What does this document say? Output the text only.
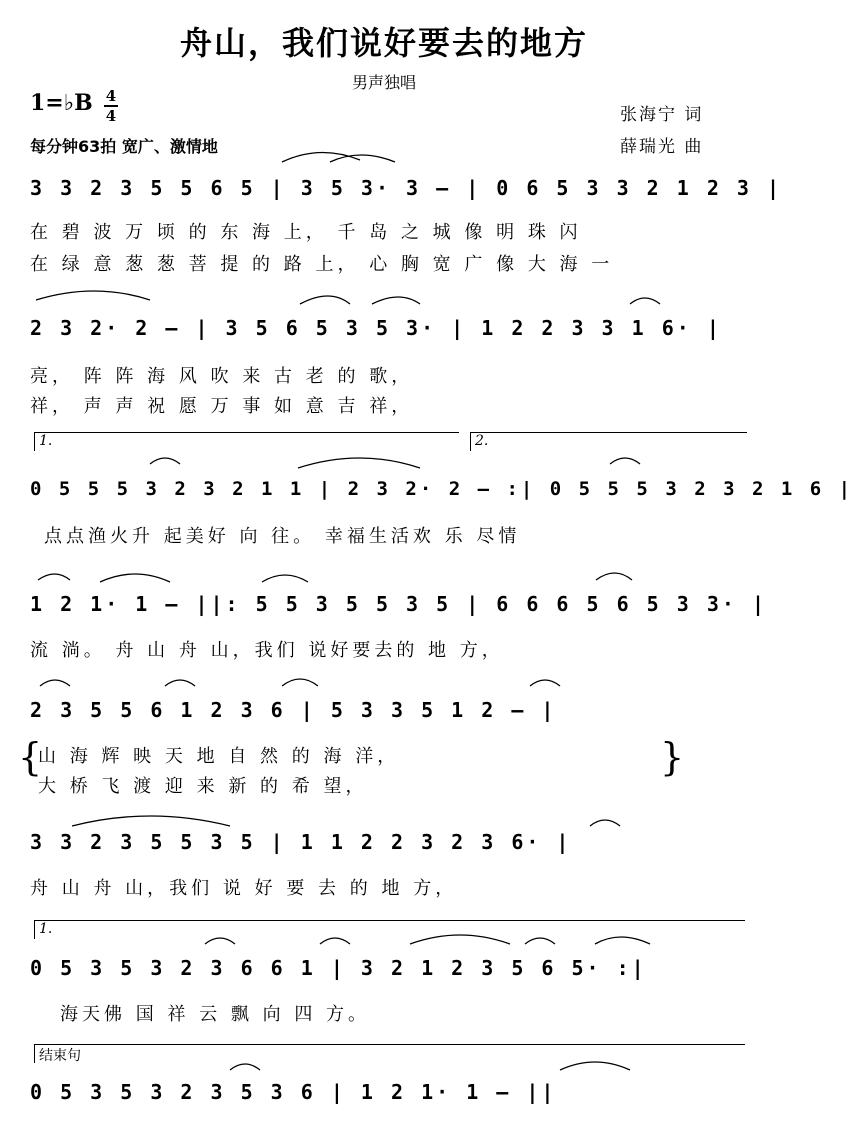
舟山，我们说好要去的地方
男声独唱
1=♭B 4
4
每分钟63拍 宽广、激情地
张海宁 词
薛瑞光 曲
3 3 2 3 5 5 6 5 | 3 5 3· 3 – | 0 6 5 3 3 2 1 2 3 |
在 碧 波 万 顷 的 东 海 上， 千 岛 之 城 像 明 珠 闪
在 绿 意 葱 葱 菩 提 的 路 上， 心 胸 宽 广 像 大 海 一
2 3 2· 2 – | 3 5 6 5 3 5 3· | 1 2 2 3 3 1 6· |
亮， 阵 阵 海 风 吹 来 古 老 的 歌，
祥， 声 声 祝 愿 万 事 如 意 吉 祥，
1.	2.
0 5 5 5 3 2 3 2 1 1 | 2 3 2· 2 – :| 0 5 5 5 3 2 3 2 1 6 |
点点渔火升 起美好 向 往。 幸福生活欢 乐 尽情
1 2 1· 1 – ||: 5 5 3 5 5 3 5 | 6 6 6 5 6 5 3 3· |
流 淌。 舟 山 舟 山，我们 说好要去的 地 方，
2 3 5 5 6 1 2 3 6 | 5 3 3 5 1 2 – |
{
山 海 辉 映 天 地 自 然 的 海 洋，
大 桥 飞 渡 迎 来 新 的 希 望，
}
3 3 2 3 5 5 3 5 | 1 1 2 2 3 2 3 6· |
舟 山 舟 山，我们 说 好 要 去 的 地 方，
1.
0 5 3 5 3 2 3 6 6 1 | 3 2 1 2 3 5 6 5· :|
海天佛 国 祥 云 飘 向 四 方。
结束句
0 5 3 5 3 2 3 5 3 6 | 1 2 1· 1 – ||
